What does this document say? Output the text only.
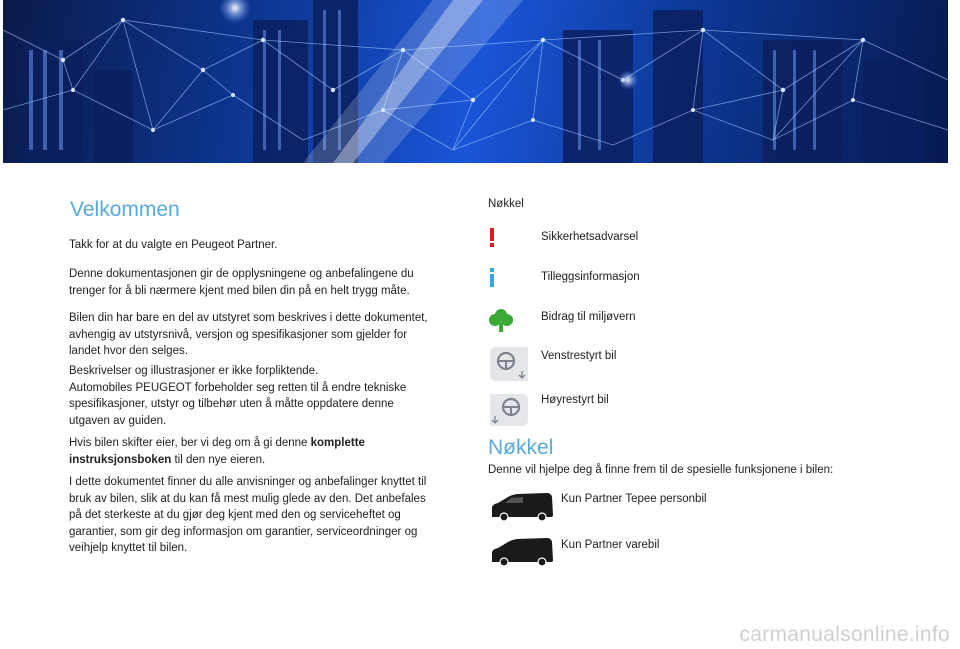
Velkommen

Takk for at du valgte en Peugeot Partner.

Denne dokumentasjonen gir de opplysningene og anbefalingene du
trenger for å bli nærmere kjent med bilen din på en helt trygg måte.

Bilen din har bare en del av utstyret som beskrives i dette dokumentet,
avhengig av utstyrsnivå, versjon og spesifikasjoner som gjelder for
landet hvor den selges.

Beskrivelser og illustrasjoner er ikke forpliktende.
Automobiles PEUGEOT forbeholder seg retten til å endre tekniske
spesifikasjoner, utstyr og tilbehør uten å måtte oppdatere denne
utgaven av guiden.

Hvis bilen skifter eier, ber vi deg om å gi denne komplette instruksjonsboken til den nye eieren.

I dette dokumentet finner du alle anvisninger og anbefalinger knyttet til
bruk av bilen, slik at du kan få mest mulig glede av den. Det anbefales
på det sterkeste at du gjør deg kjent med den og serviceheftet og
garantier, som gir deg informasjon om garantier, serviceordninger og
veihjelp knyttet til bilen.

Nøkkel
Sikkerhetsadvarsel
Tilleggsinformasjon
Bidrag til miljøvern
Venstrestyrt bil
Høyrestyrt bil
Nøkkel
Denne vil hjelpe deg å finne frem til de spesielle funksjonene i bilen:
Kun Partner Tepee personbil
Kun Partner varebil
carmanualsonline.info
